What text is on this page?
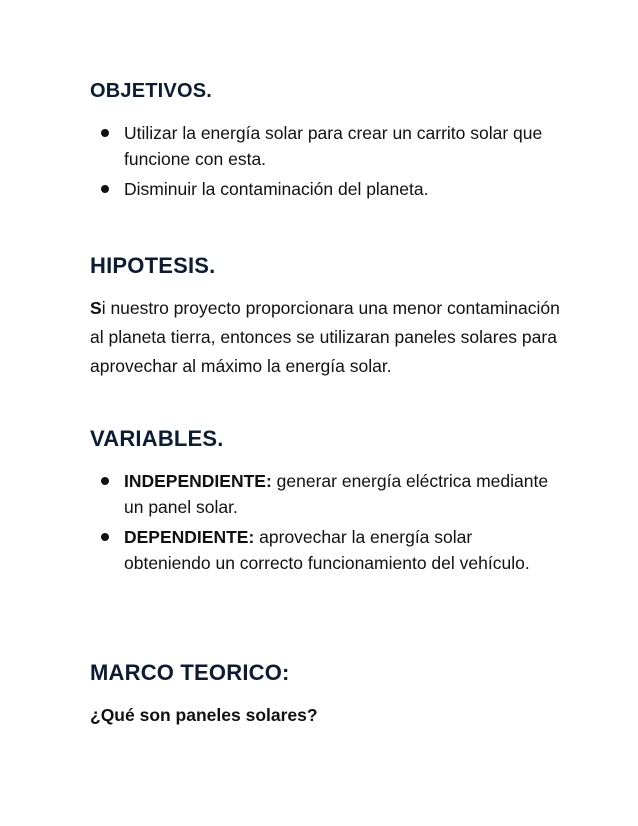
OBJETIVOS.
Utilizar la energía solar para crear un carrito solar que funcione con esta.
Disminuir la contaminación del planeta.
HIPOTESIS.

Si nuestro proyecto proporcionara una menor contaminación al planeta tierra, entonces se utilizaran paneles solares para aprovechar al máximo la energía solar.

VARIABLES.
INDEPENDIENTE: generar energía eléctrica mediante un panel solar.
DEPENDIENTE: aprovechar la energía solar obteniendo un correcto funcionamiento del vehículo.
MARCO TEORICO:

¿Qué son paneles solares?
